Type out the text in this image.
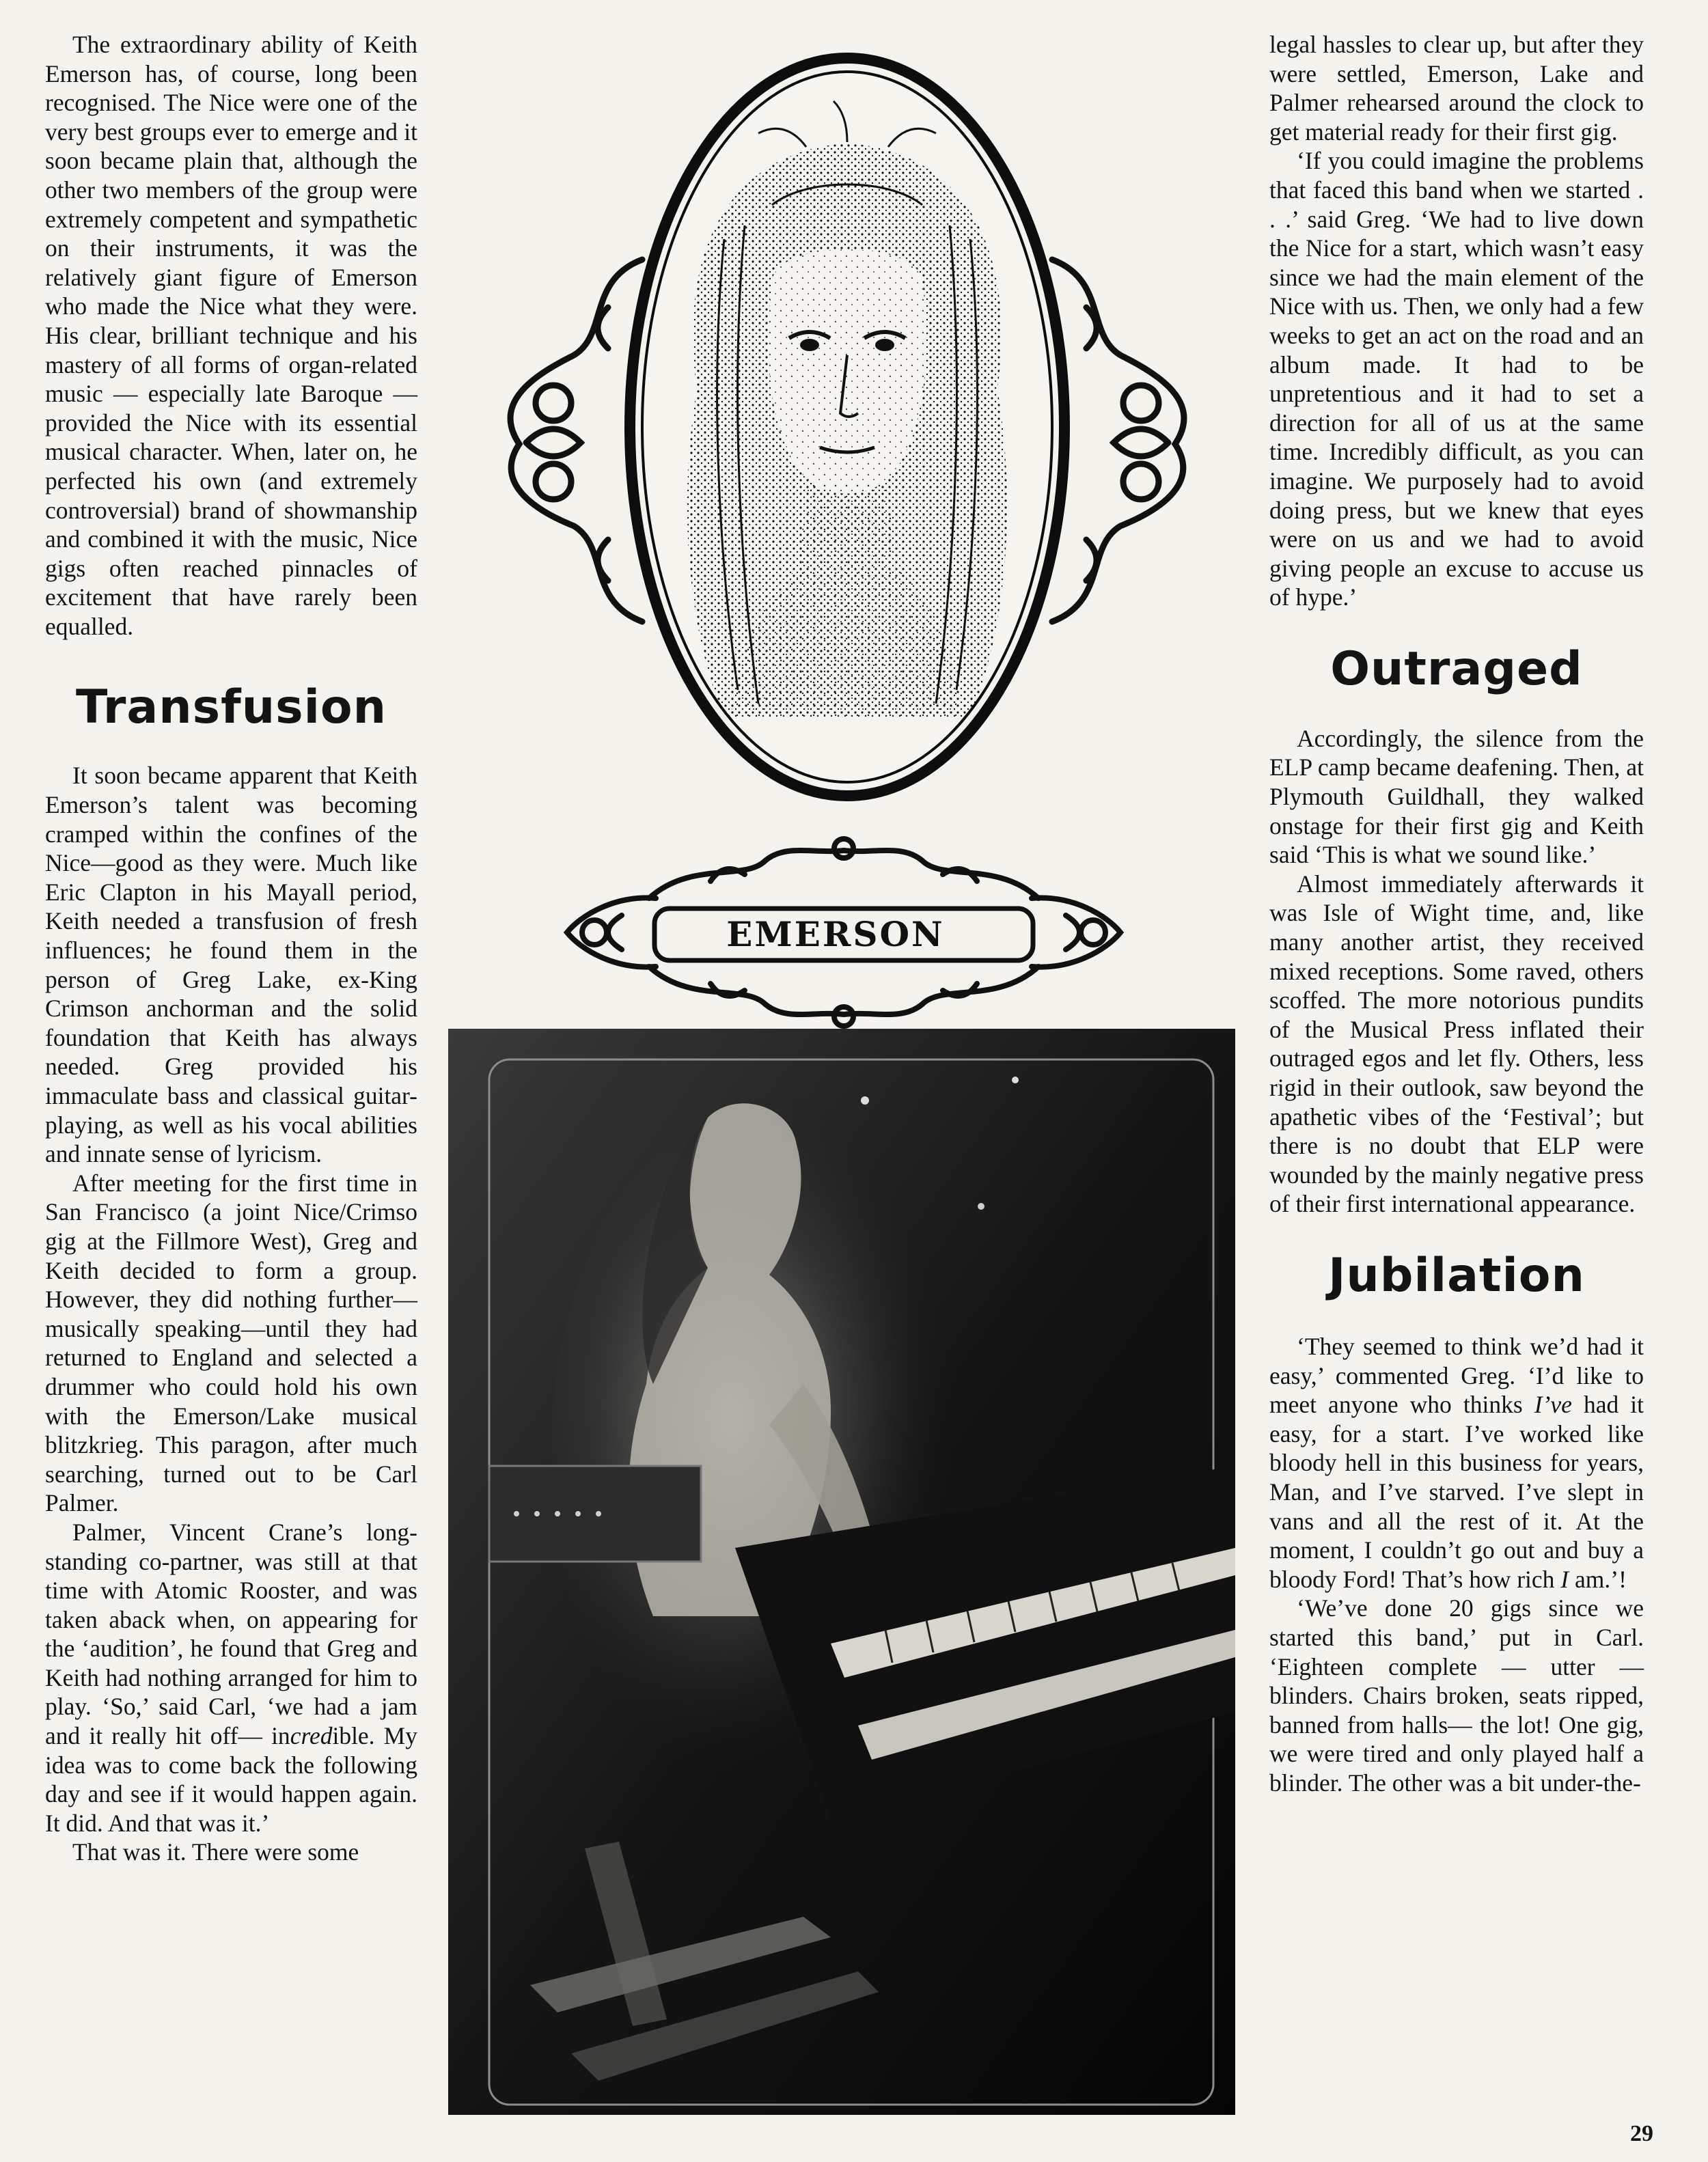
The extraordinary ability of Keith Emerson has, of course, long been recognised. The Nice were one of the very best groups ever to emerge and it soon became plain that, although the other two members of the group were extremely competent and sympathetic on their instruments, it was the relatively giant figure of Emerson who made the Nice what they were. His clear, brilliant technique and his mastery of all forms of organ-related music — especially late Baroque — provided the Nice with its essential musical character. When, later on, he perfected his own (and extremely controversial) brand of showmanship and combined it with the music, Nice gigs often reached pinnacles of excitement that have rarely been equalled.

Transfusion

It soon became apparent that Keith Emerson’s talent was becoming cramped within the confines of the Nice—good as they were. Much like Eric Clapton in his Mayall period, Keith needed a transfusion of fresh influences; he found them in the person of Greg Lake, ex-King Crimson anchorman and the solid foundation that Keith has always needed. Greg provided his immaculate bass and classical guitar-playing, as well as his vocal abilities and innate sense of lyricism.

After meeting for the first time in San Francisco (a joint Nice/Crimso gig at the Fillmore West), Greg and Keith decided to form a group. However, they did nothing further—musically speaking—until they had returned to England and selected a drummer who could hold his own with the Emerson/Lake musical blitzkrieg. This paragon, after much searching, turned out to be Carl Palmer.

Palmer, Vincent Crane’s long-standing co-partner, was still at that time with Atomic Rooster, and was taken aback when, on appearing for the ‘audition’, he found that Greg and Keith had nothing arranged for him to play. ‘So,’ said Carl, ‘we had a jam and it really hit off— incredible. My idea was to come back the following day and see if it would happen again. It did. And that was it.’

That was it. There were some

legal hassles to clear up, but after they were settled, Emerson, Lake and Palmer rehearsed around the clock to get material ready for their first gig.

‘If you could imagine the problems that faced this band when we started . . .’ said Greg. ‘We had to live down the Nice for a start, which wasn’t easy since we had the main element of the Nice with us. Then, we only had a few weeks to get an act on the road and an album made. It had to be unpretentious and it had to set a direction for all of us at the same time. Incredibly difficult, as you can imagine. We purposely had to avoid doing press, but we knew that eyes were on us and we had to avoid giving people an excuse to accuse us of hype.’

Outraged

Accordingly, the silence from the ELP camp became deafening. Then, at Plymouth Guildhall, they walked onstage for their first gig and Keith said ‘This is what we sound like.’

Almost immediately afterwards it was Isle of Wight time, and, like many another artist, they received mixed receptions. Some raved, others scoffed. The more notorious pundits of the Musical Press inflated their outraged egos and let fly. Others, less rigid in their outlook, saw beyond the apathetic vibes of the ‘Festival’; but there is no doubt that ELP were wounded by the mainly negative press of their first international appearance.

Jubilation

‘They seemed to think we’d had it easy,’ commented Greg. ‘I’d like to meet anyone who thinks I’ve had it easy, for a start. I’ve worked like bloody hell in this business for years, Man, and I’ve starved. I’ve slept in vans and all the rest of it. At the moment, I couldn’t go out and buy a bloody Ford! That’s how rich I am.’!

‘We’ve done 20 gigs since we started this band,’ put in Carl. ‘Eighteen complete — utter — blinders. Chairs broken, seats ripped, banned from halls— the lot! One gig, we were tired and only played half a blinder. The other was a bit under-the-

EMERSON
29
